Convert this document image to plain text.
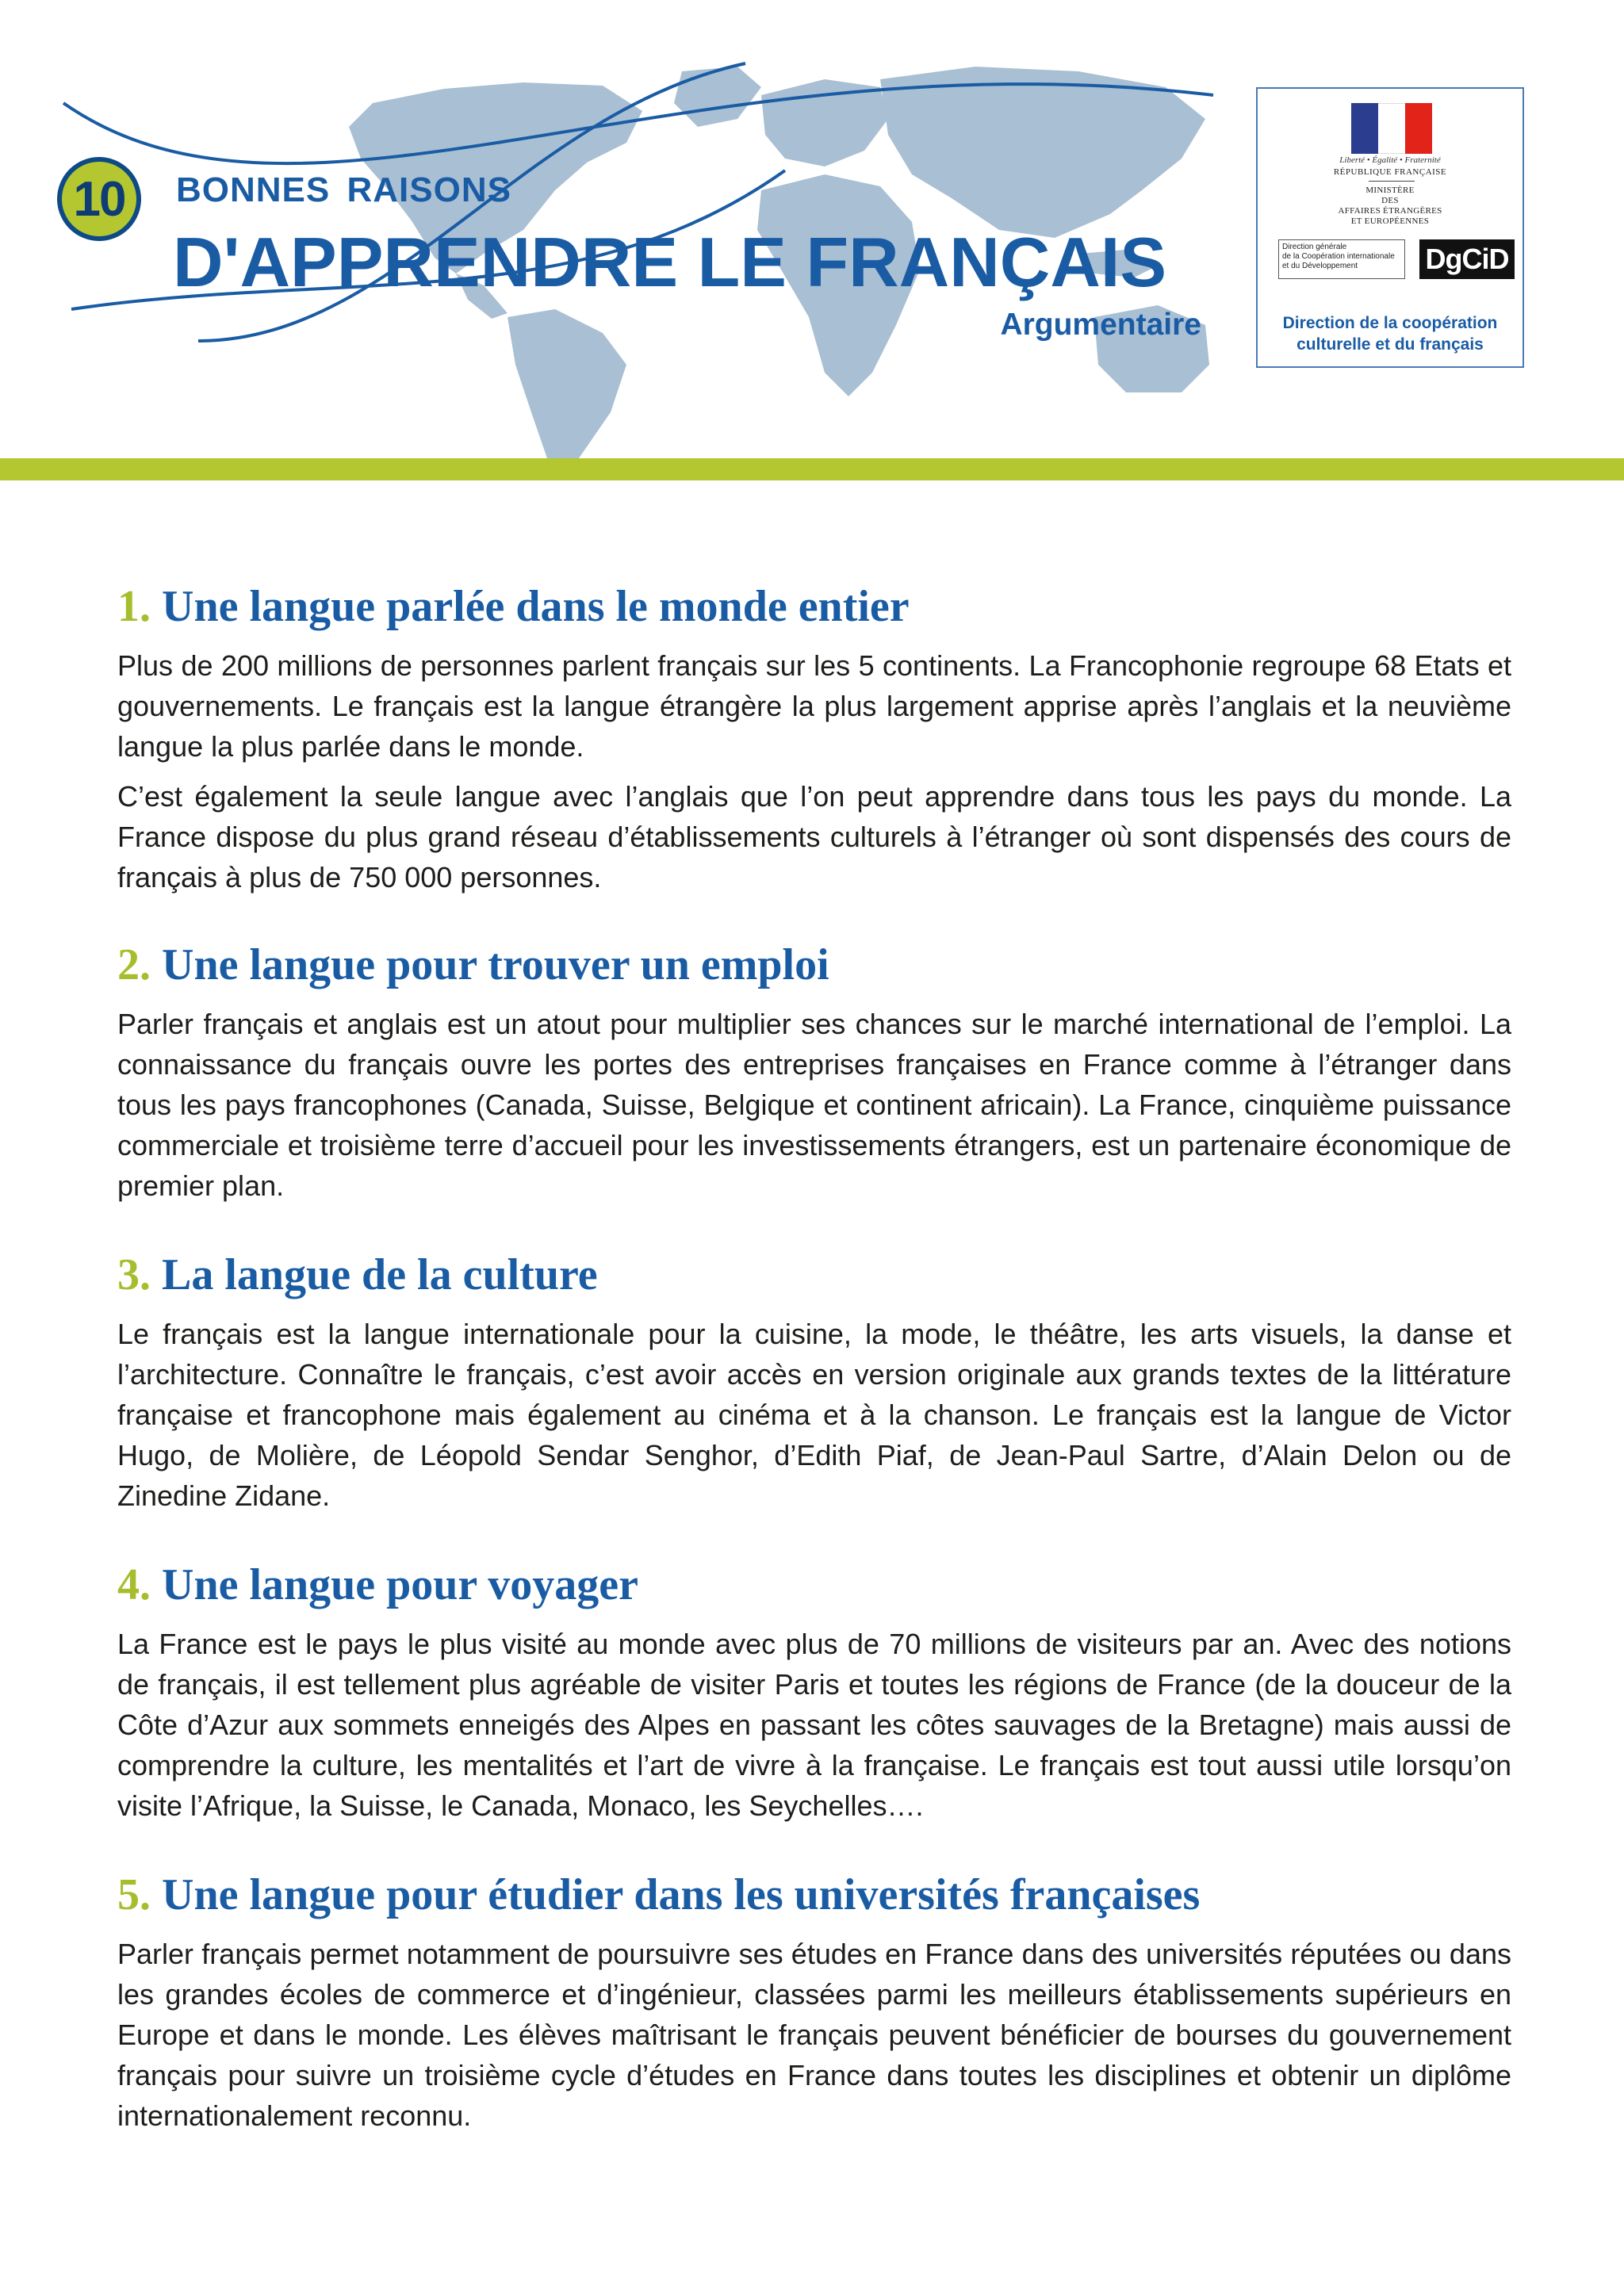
10 BONNES RAISONS
D'APPRENDRE LE FRANÇAIS
Argumentaire
Liberté • Égalité • Fraternité
RÉPUBLIQUE FRANÇAISE
MINISTÈRE
DES
AFFAIRES ÉTRANGÈRES
ET EUROPÉENNES
Direction générale
de la Coopération internationale
et du Développement	DgCiD
Direction de la coopération
culturelle et du français
1. Une langue parlée dans le monde entier

Plus de 200 millions de personnes parlent français sur les 5 continents. La Francophonie regroupe 68 Etats et gouvernements. Le français est la langue étrangère la plus largement apprise après l’anglais et la neuvième langue la plus parlée dans le monde.

C’est également la seule langue avec l’anglais que l’on peut apprendre dans tous les pays du monde. La France dispose du plus grand réseau d’établissements culturels à l’étranger où sont dispensés des cours de français à plus de 750 000 personnes.

2. Une langue pour trouver un emploi

Parler français et anglais est un atout pour multiplier ses chances sur le marché international de l’emploi. La connaissance du français ouvre les portes des entreprises françaises en France comme à l’étranger dans tous les pays francophones (Canada, Suisse, Belgique et continent africain). La France, cinquième puissance commerciale et troisième terre d’accueil pour les investissements étrangers, est un partenaire économique de premier plan.

3. La langue de la culture

Le français est la langue internationale pour la cuisine, la mode, le théâtre, les arts visuels, la danse et l’architecture. Connaître le français, c’est avoir accès en version originale aux grands textes de la littérature française et francophone mais également au cinéma et à la chanson. Le français est la langue de Victor Hugo, de Molière, de Léopold Sendar Senghor, d’Edith Piaf, de Jean-Paul Sartre, d’Alain Delon ou de Zinedine Zidane.

4. Une langue pour voyager

La France est le pays le plus visité au monde avec plus de 70 millions de visiteurs par an. Avec des notions de français, il est tellement plus agréable de visiter Paris et toutes les régions de France (de la douceur de la Côte d’Azur aux sommets enneigés des Alpes en passant les côtes sauvages de la Bretagne) mais aussi de comprendre la culture, les mentalités et l’art de vivre à la française. Le français est tout aussi utile lorsqu’on visite l’Afrique, la Suisse, le Canada, Monaco, les Seychelles….

5. Une langue pour étudier dans les universités françaises

Parler français permet notamment de poursuivre ses études en France dans des universités réputées ou dans les grandes écoles de commerce et d’ingénieur, classées parmi les meilleurs établissements supérieurs en Europe et dans le monde. Les élèves maîtrisant le français peuvent bénéficier de bourses du gouvernement français pour suivre un troisième cycle d’études en France dans toutes les disciplines et obtenir un diplôme internationalement reconnu.
